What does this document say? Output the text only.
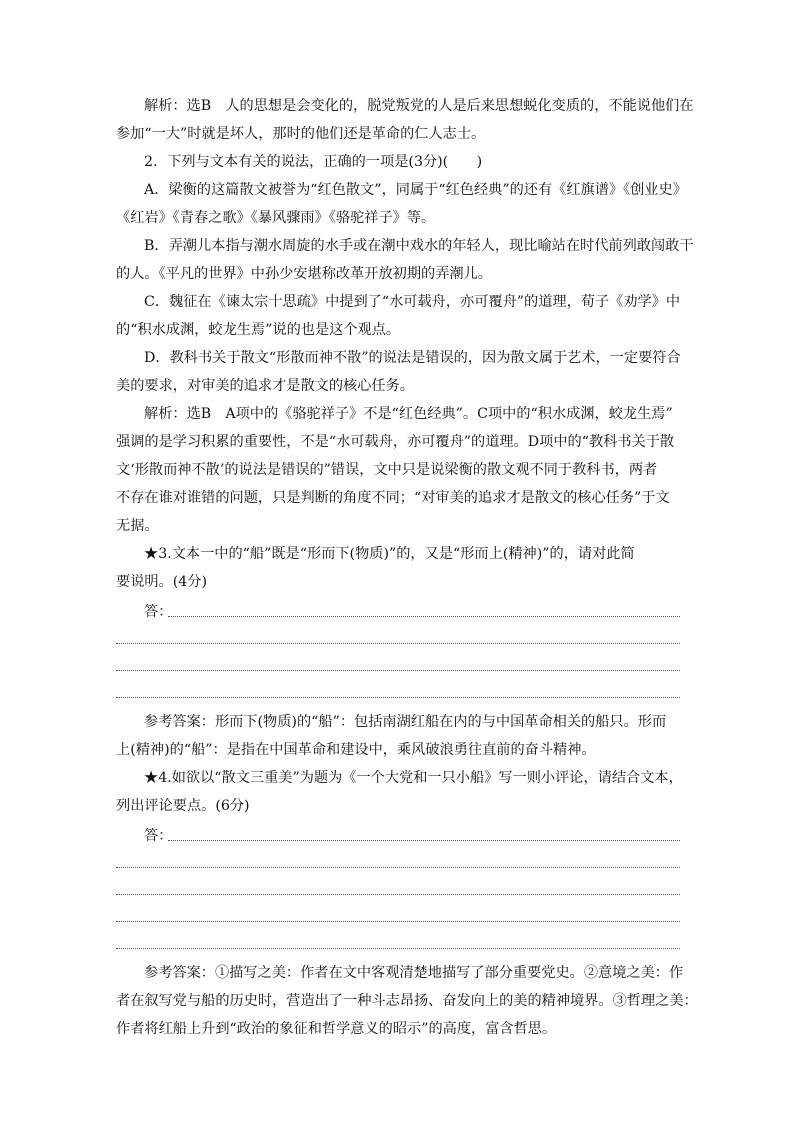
解析：选B　人的思想是会变化的，脱党叛党的人是后来思想蜕化变质的，不能说他们在
参加“一大”时就是坏人，那时的他们还是革命的仁人志士。

2．下列与文本有关的说法，正确的一项是(3分)(　　)

A．梁衡的这篇散文被誉为“红色散文”，同属于“红色经典”的还有《红旗谱》《创业史》
《红岩》《青春之歌》《暴风骤雨》《骆驼祥子》等。

B．弄潮儿本指与潮水周旋的水手或在潮中戏水的年轻人，现比喻站在时代前列敢闯敢干
的人。《平凡的世界》中孙少安堪称改革开放初期的弄潮儿。

C．魏征在《谏太宗十思疏》中提到了“水可载舟，亦可覆舟”的道理，荀子《劝学》中
的“积水成渊，蛟龙生焉”说的也是这个观点。

D．教科书关于散文“形散而神不散”的说法是错误的，因为散文属于艺术，一定要符合
美的要求，对审美的追求才是散文的核心任务。

解析：选B　A项中的《骆驼祥子》不是“红色经典”。C项中的“积水成渊，蛟龙生焉”
强调的是学习积累的重要性，不是“水可载舟，亦可覆舟”的道理。D项中的“教科书关于散
文‘形散而神不散’的说法是错误的”错误，文中只是说梁衡的散文观不同于教科书，两者
不存在谁对谁错的问题，只是判断的角度不同；“对审美的追求才是散文的核心任务”于文
无据。

★3.文本一中的“船”既是“形而下(物质)”的，又是“形而上(精神)”的，请对此简
要说明。(4分)

答：

参考答案：形而下(物质)的“船”：包括南湖红船在内的与中国革命相关的船只。形而
上(精神)的“船”：是指在中国革命和建设中，乘风破浪勇往直前的奋斗精神。

★4.如欲以“散文三重美”为题为《一个大党和一只小船》写一则小评论，请结合文本，
列出评论要点。(6分)

答：

参考答案：①描写之美：作者在文中客观清楚地描写了部分重要党史。②意境之美：作
者在叙写党与船的历史时，营造出了一种斗志昂扬、奋发向上的美的精神境界。③哲理之美：
作者将红船上升到“政治的象征和哲学意义的昭示”的高度，富含哲思。
